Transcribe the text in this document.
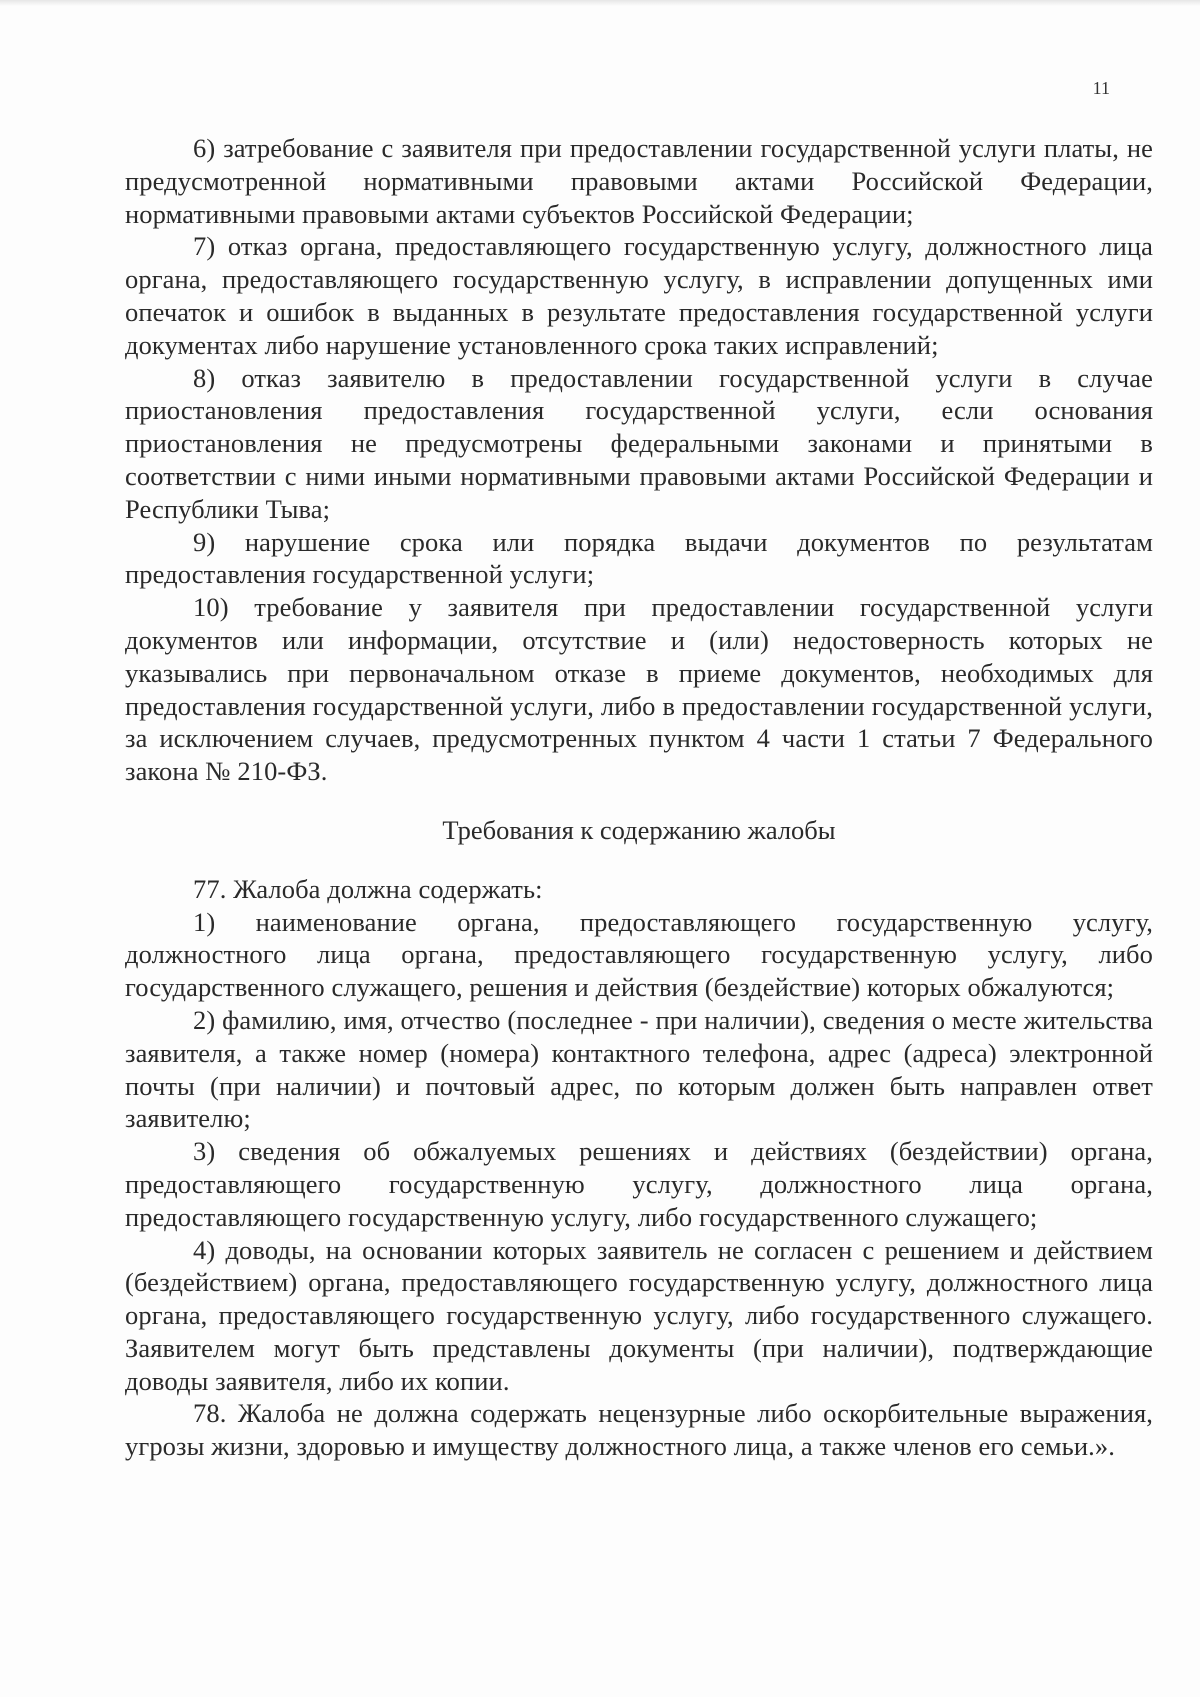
11

6) затребование с заявителя при предоставлении государственной услуги платы, не предусмотренной нормативными правовыми актами Российской Федерации, нормативными правовыми актами субъектов Российской Федерации;

7) отказ органа, предоставляющего государственную услугу, должностного лица органа, предоставляющего государственную услугу, в исправлении допущенных ими опечаток и ошибок в выданных в результате предоставления государственной услуги документах либо нарушение установленного срока таких исправлений;

8) отказ заявителю в предоставлении государственной услуги в случае приостановления предоставления государственной услуги, если основания приостановления не предусмотрены федеральными законами и принятыми в соответствии с ними иными нормативными правовыми актами Российской Федерации и Республики Тыва;

9) нарушение срока или порядка выдачи документов по результатам предоставления государственной услуги;

10) требование у заявителя при предоставлении государственной услуги документов или информации, отсутствие и (или) недостоверность которых не указывались при первоначальном отказе в приеме документов, необходимых для предоставления государственной услуги, либо в предоставлении государственной услуги, за исключением случаев, предусмотренных пунктом 4 части 1 статьи 7 Федерального закона № 210-ФЗ.

Требования к содержанию жалобы

77. Жалоба должна содержать:

1) наименование органа, предоставляющего государственную услугу, должностного лица органа, предоставляющего государственную услугу, либо государственного служащего, решения и действия (бездействие) которых обжалуются;

2) фамилию, имя, отчество (последнее - при наличии), сведения о месте жительства заявителя, а также номер (номера) контактного телефона, адрес (адреса) электронной почты (при наличии) и почтовый адрес, по которым должен быть направлен ответ заявителю;

3) сведения об обжалуемых решениях и действиях (бездействии) органа, предоставляющего государственную услугу, должностного лица органа, предоставляющего государственную услугу, либо государственного служащего;

4) доводы, на основании которых заявитель не согласен с решением и действием (бездействием) органа, предоставляющего государственную услугу, должностного лица органа, предоставляющего государственную услугу, либо государственного служащего. Заявителем могут быть представлены документы (при наличии), подтверждающие доводы заявителя, либо их копии.

78. Жалоба не должна содержать нецензурные либо оскорбительные выражения, угрозы жизни, здоровью и имуществу должностного лица, а также членов его семьи.».
